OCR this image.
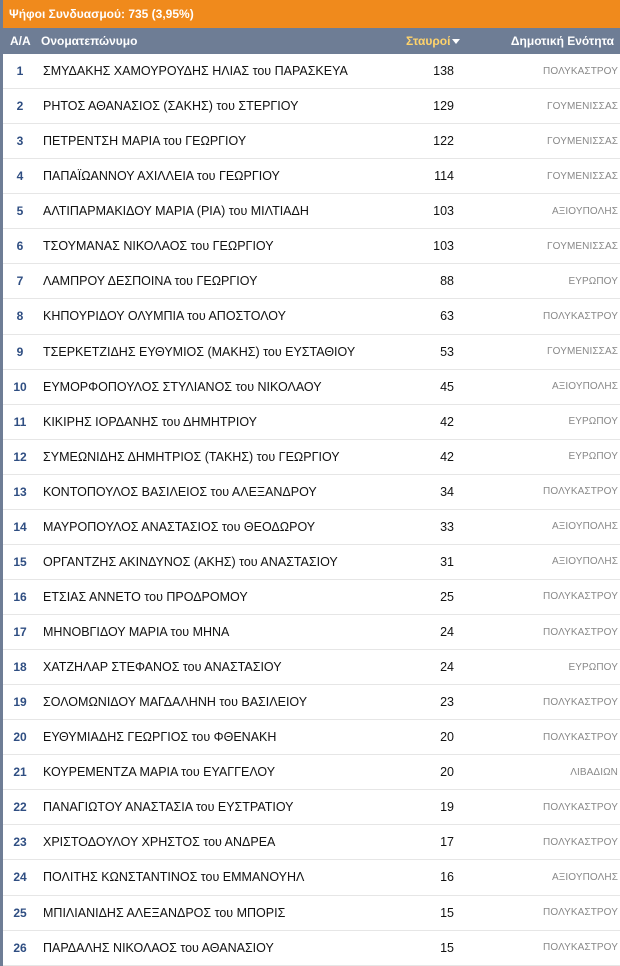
Ψήφοι Συνδυασμού: 735 (3,95%)
Α/Α Ονοματεπώνυμο	Σταυροί	Δημοτική Ενότητα
1	ΣΜΥΔΑΚΗΣ ΧΑΜΟΥΡΟΥΔΗΣ ΗΛΙΑΣ του ΠΑΡΑΣΚΕΥΑ	138	ΠΟΛΥΚΑΣΤΡΟΥ
2	ΡΗΤΟΣ ΑΘΑΝΑΣΙΟΣ (ΣΑΚΗΣ) του ΣΤΕΡΓΙΟΥ	129	ΓΟΥΜΕΝΙΣΣΑΣ
3	ΠΕΤΡΕΝΤΣΗ ΜΑΡΙΑ του ΓΕΩΡΓΙΟΥ	122	ΓΟΥΜΕΝΙΣΣΑΣ
4	ΠΑΠΑΪΩΑΝΝΟΥ ΑΧΙΛΛΕΙΑ του ΓΕΩΡΓΙΟΥ	114	ΓΟΥΜΕΝΙΣΣΑΣ
5	ΑΛΤΙΠΑΡΜΑΚΙΔΟΥ ΜΑΡΙΑ (ΡΙΑ) του ΜΙΛΤΙΑΔΗ	103	ΑΞΙΟΥΠΟΛΗΣ
6	ΤΣΟΥΜΑΝΑΣ ΝΙΚΟΛΑΟΣ του ΓΕΩΡΓΙΟΥ	103	ΓΟΥΜΕΝΙΣΣΑΣ
7	ΛΑΜΠΡΟΥ ΔΕΣΠΟΙΝΑ του ΓΕΩΡΓΙΟΥ	88	ΕΥΡΩΠΟΥ
8	ΚΗΠΟΥΡΙΔΟΥ ΟΛΥΜΠΙΑ του ΑΠΟΣΤΟΛΟΥ	63	ΠΟΛΥΚΑΣΤΡΟΥ
9	ΤΣΕΡΚΕΤΖΙΔΗΣ ΕΥΘΥΜΙΟΣ (ΜΑΚΗΣ) του ΕΥΣΤΑΘΙΟΥ	53	ΓΟΥΜΕΝΙΣΣΑΣ
10	ΕΥΜΟΡΦΟΠΟΥΛΟΣ ΣΤΥΛΙΑΝΟΣ του ΝΙΚΟΛΑΟΥ	45	ΑΞΙΟΥΠΟΛΗΣ
11	ΚΙΚΙΡΗΣ ΙΟΡΔΑΝΗΣ του ΔΗΜΗΤΡΙΟΥ	42	ΕΥΡΩΠΟΥ
12	ΣΥΜΕΩΝΙΔΗΣ ΔΗΜΗΤΡΙΟΣ (ΤΑΚΗΣ) του ΓΕΩΡΓΙΟΥ	42	ΕΥΡΩΠΟΥ
13	ΚΟΝΤΟΠΟΥΛΟΣ ΒΑΣΙΛΕΙΟΣ του ΑΛΕΞΑΝΔΡΟΥ	34	ΠΟΛΥΚΑΣΤΡΟΥ
14	ΜΑΥΡΟΠΟΥΛΟΣ ΑΝΑΣΤΑΣΙΟΣ του ΘΕΟΔΩΡΟΥ	33	ΑΞΙΟΥΠΟΛΗΣ
15	ΟΡΓΑΝΤΖΗΣ ΑΚΙΝΔΥΝΟΣ (ΑΚΗΣ) του ΑΝΑΣΤΑΣΙΟΥ	31	ΑΞΙΟΥΠΟΛΗΣ
16	ΕΤΣΙΑΣ ΑΝΝΕΤΟ του ΠΡΟΔΡΟΜΟΥ	25	ΠΟΛΥΚΑΣΤΡΟΥ
17	ΜΗΝΟΒΓΙΔΟΥ ΜΑΡΙΑ του ΜΗΝΑ	24	ΠΟΛΥΚΑΣΤΡΟΥ
18	ΧΑΤΖΗΛΑΡ ΣΤΕΦΑΝΟΣ του ΑΝΑΣΤΑΣΙΟΥ	24	ΕΥΡΩΠΟΥ
19	ΣΟΛΟΜΩΝΙΔΟΥ ΜΑΓΔΑΛΗΝΗ του ΒΑΣΙΛΕΙΟΥ	23	ΠΟΛΥΚΑΣΤΡΟΥ
20	ΕΥΘΥΜΙΑΔΗΣ ΓΕΩΡΓΙΟΣ του ΦΘΕΝΑΚΗ	20	ΠΟΛΥΚΑΣΤΡΟΥ
21	ΚΟΥΡΕΜΕΝΤΖΑ ΜΑΡΙΑ του ΕΥΑΓΓΕΛΟΥ	20	ΛΙΒΑΔΙΩΝ
22	ΠΑΝΑΓΙΩΤΟΥ ΑΝΑΣΤΑΣΙΑ του ΕΥΣΤΡΑΤΙΟΥ	19	ΠΟΛΥΚΑΣΤΡΟΥ
23	ΧΡΙΣΤΟΔΟΥΛΟΥ ΧΡΗΣΤΟΣ του ΑΝΔΡΕΑ	17	ΠΟΛΥΚΑΣΤΡΟΥ
24	ΠΟΛΙΤΗΣ ΚΩΝΣΤΑΝΤΙΝΟΣ του ΕΜΜΑΝΟΥΗΛ	16	ΑΞΙΟΥΠΟΛΗΣ
25	ΜΠΙΛΙΑΝΙΔΗΣ ΑΛΕΞΑΝΔΡΟΣ του ΜΠΟΡΙΣ	15	ΠΟΛΥΚΑΣΤΡΟΥ
26	ΠΑΡΔΑΛΗΣ ΝΙΚΟΛΑΟΣ του ΑΘΑΝΑΣΙΟΥ	15	ΠΟΛΥΚΑΣΤΡΟΥ
